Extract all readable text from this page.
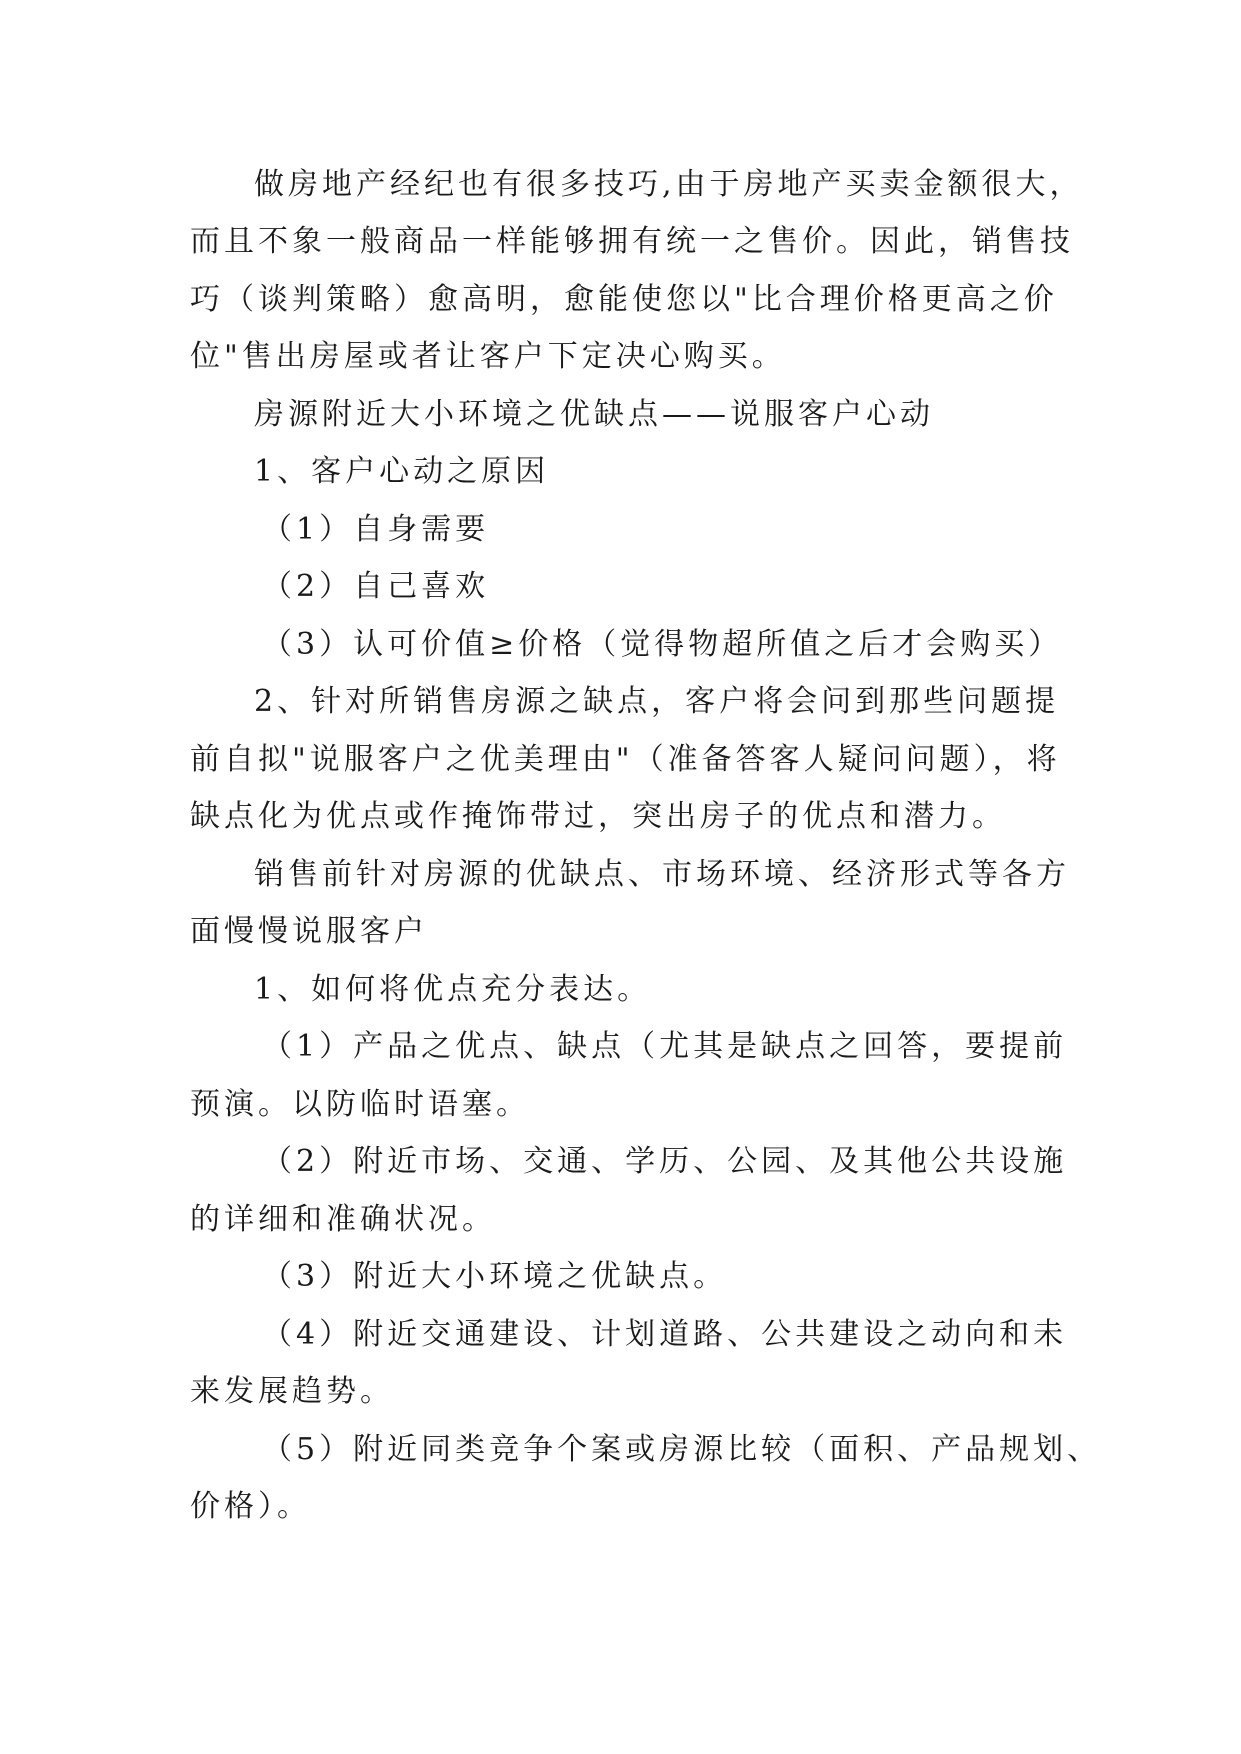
做房地产经纪也有很多技巧,由于房地产买卖金额很大，
而且不象一般商品一样能够拥有统一之售价。因此，销售技
巧（谈判策略）愈高明，愈能使您以"比合理价格更高之价
位"售出房屋或者让客户下定决心购买。
房源附近大小环境之优缺点——说服客户心动
1、客户心动之原因
（1）自身需要
（2）自己喜欢
（3）认可价值≥价格（觉得物超所值之后才会购买）
2、针对所销售房源之缺点，客户将会问到那些问题提
前自拟"说服客户之优美理由"（准备答客人疑问问题），将
缺点化为优点或作掩饰带过，突出房子的优点和潜力。
销售前针对房源的优缺点、市场环境、经济形式等各方
面慢慢说服客户
1、如何将优点充分表达。
（1）产品之优点、缺点（尤其是缺点之回答，要提前
预演。以防临时语塞。
（2）附近市场、交通、学历、公园、及其他公共设施
的详细和准确状况。
（3）附近大小环境之优缺点。
（4）附近交通建设、计划道路、公共建设之动向和未
来发展趋势。
（5）附近同类竞争个案或房源比较（面积、产品规划、
价格）。
